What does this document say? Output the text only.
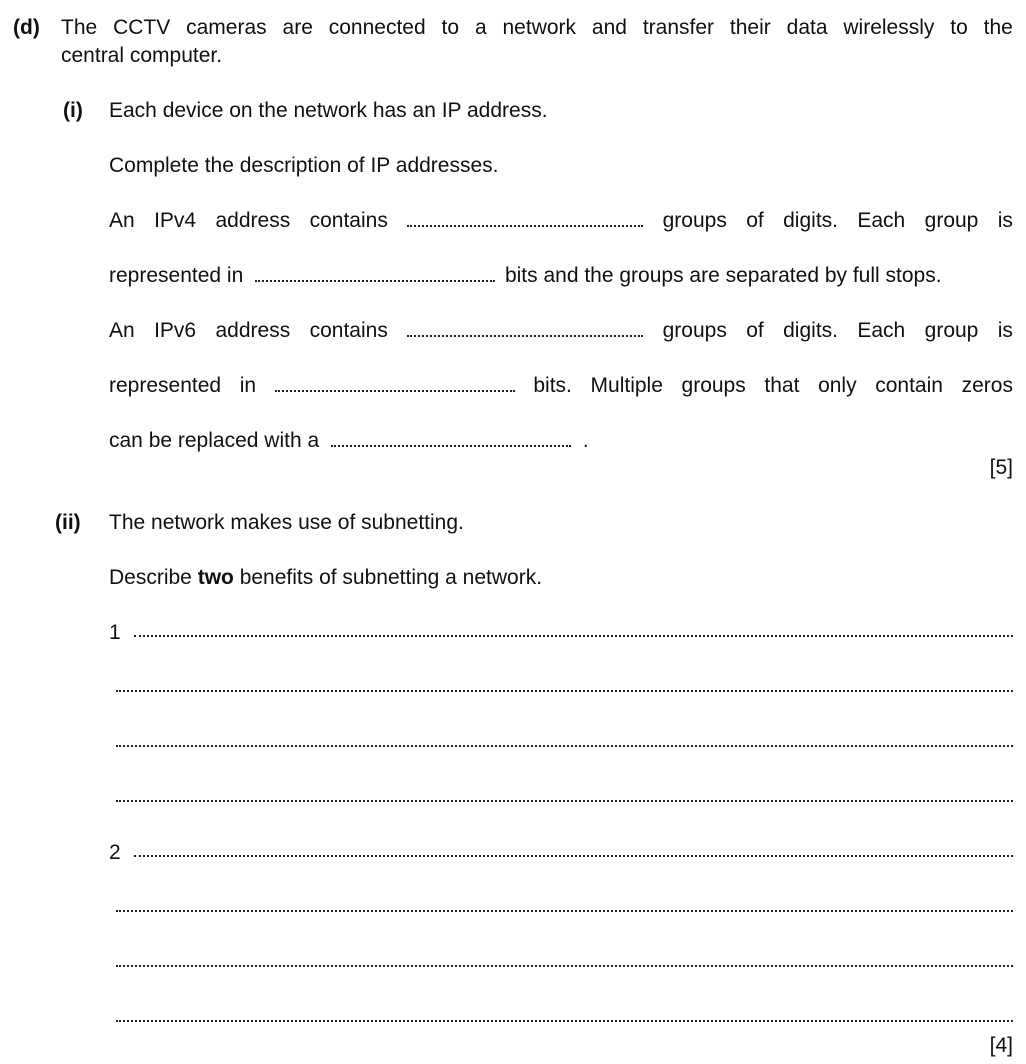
(d) The CCTV cameras are connected to a network and transfer their data wirelessly to the
central computer.
(i) Each device on the network has an IP address.
Complete the description of IP addresses.
An IPv4 address contains	groups of digits. Each group is
represented in	bits and the groups are separated by full stops.
An IPv6 address contains	groups of digits. Each group is
represented in	bits. Multiple groups that only contain zeros
can be replaced with a	.
[5]
(ii) The network makes use of subnetting.
Describe two benefits of subnetting a network.
1
2
[4]
